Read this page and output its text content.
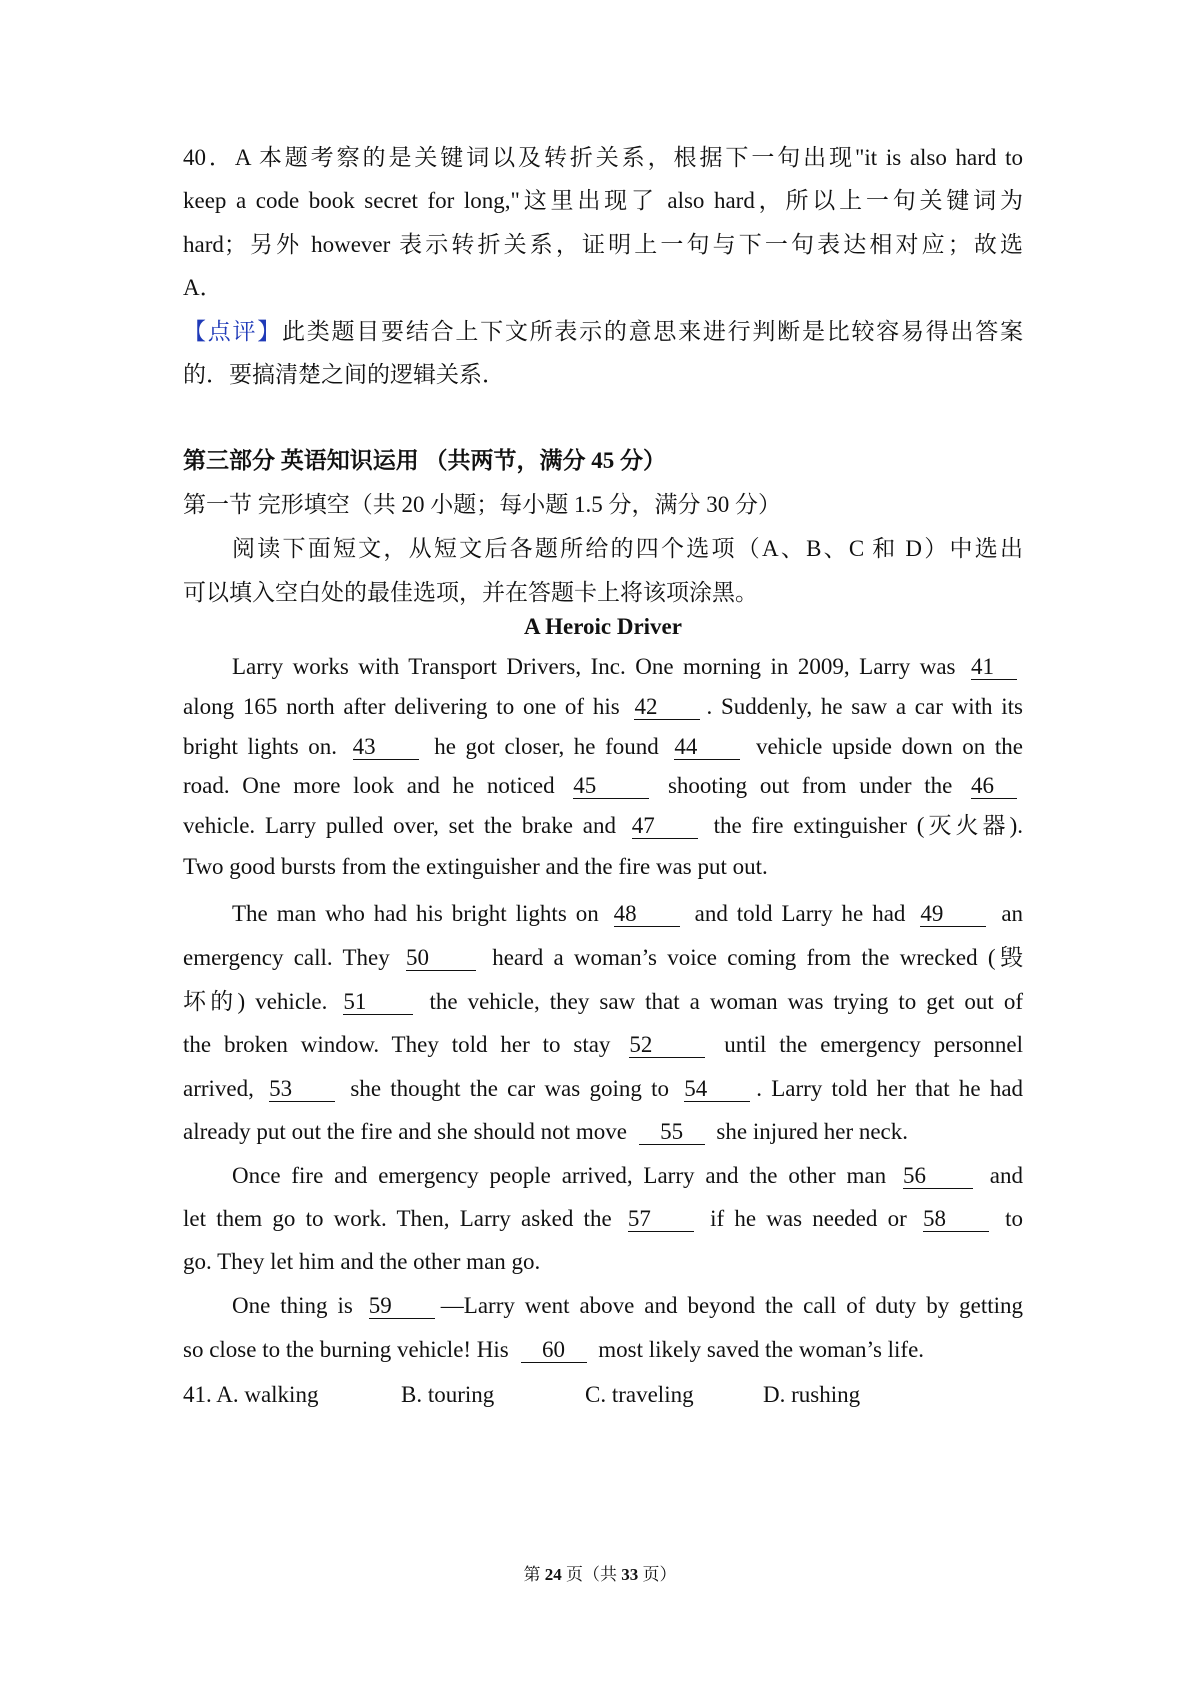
40．A 本题考察的是关键词以及转折关系，根据下一句出现"it is also hard to
keep a code book secret for long,"这里出现了 also hard，所以上一句关键词为
hard；另外 however 表示转折关系，证明上一句与下一句表达相对应；故选
A．
【点评】此类题目要结合上下文所表示的意思来进行判断是比较容易得出答案
的．要搞清楚之间的逻辑关系．
第三部分 英语知识运用 （共两节，满分 45 分）
第一节 完形填空（共 20 小题；每小题 1.5 分，满分 30 分）
阅读下面短文，从短文后各题所给的四个选项（A、B、C 和 D）中选出
可以填入空白处的最佳选项，并在答题卡上将该项涂黑。
A Heroic Driver
Larry works with Transport Drivers, Inc. One morning in 2009, Larry was 41
along 165 north after delivering to one of his 42 . Suddenly, he saw a car with its
bright lights on. 43	he got closer, he found 44	vehicle upside down on the
road. One more look and he noticed 45	shooting out from under the 46
vehicle. Larry pulled over, set the brake and 47	the fire extinguisher (灭火器).
Two good bursts from the extinguisher and the fire was put out.
The man who had his bright lights on 48	and told Larry he had 49	an
emergency call. They 50	heard a woman’s voice coming from the wrecked (毁
坏的) vehicle. 51	the vehicle, they saw that a woman was trying to get out of
the broken window. They told her to stay 52	until the emergency personnel
arrived, 53	she thought the car was going to 54 . Larry told her that he had
already put out the fire and she should not move 55 she injured her neck.
Once fire and emergency people arrived, Larry and the other man 56	and
let them go to work. Then, Larry asked the 57	if he was needed or 58	to
go. They let him and the other man go.
One thing is 59 —Larry went above and beyond the call of duty by getting
so close to the burning vehicle! His 60 most likely saved the woman’s life.
41. A. walking	B. touring	C. traveling	D. rushing
第 24 页（共 33 页）
